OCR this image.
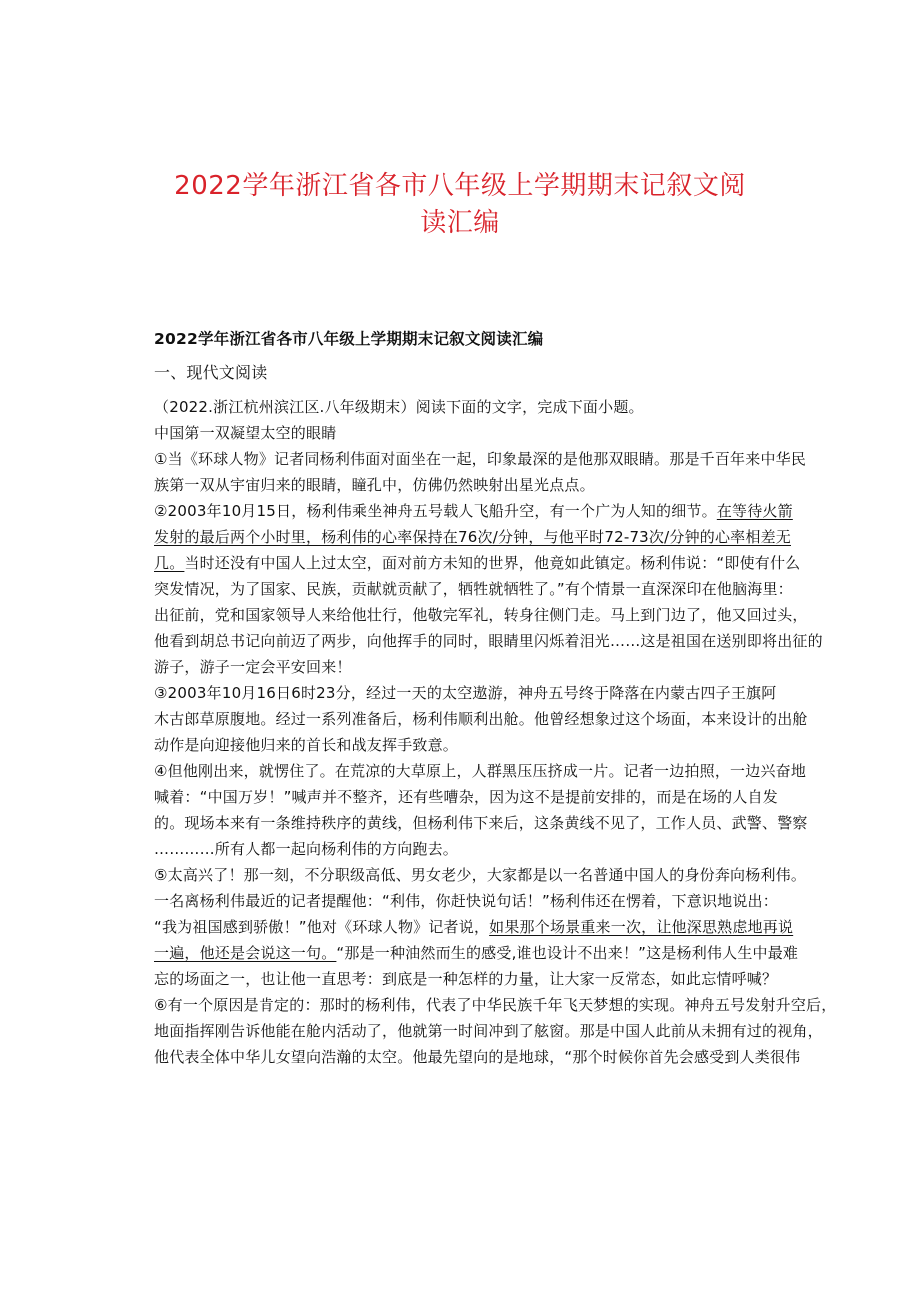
2022学年浙江省各市八年级上学期期末记叙文阅
读汇编

2022学年浙江省各市八年级上学期期末记叙文阅读汇编

一、现代文阅读

（2022.浙江杭州滨江区.八年级期末）阅读下面的文字，完成下面小题。

中国第一双凝望太空的眼睛

①当《环球人物》记者同杨利伟面对面坐在一起，印象最深的是他那双眼睛。那是千百年来中华民

族第一双从宇宙归来的眼睛，瞳孔中，仿佛仍然映射出星光点点。

②2003年10月15日，杨利伟乘坐神舟五号载人飞船升空，有一个广为人知的细节。在等待火箭

发射的最后两个小时里，杨利伟的心率保持在76次/分钟，与他平时72-73次/分钟的心率相差无

几。当时还没有中国人上过太空，面对前方未知的世界，他竟如此镇定。杨利伟说：“即使有什么

突发情况，为了国家、民族，贡献就贡献了，牺牲就牺牲了。”有个情景一直深深印在他脑海里：

出征前，党和国家领导人来给他壮行，他敬完军礼，转身往侧门走。马上到门边了，他又回过头，

他看到胡总书记向前迈了两步，向他挥手的同时，眼睛里闪烁着泪光……这是祖国在送别即将出征的

游子，游子一定会平安回来！

③2003年10月16日6时23分，经过一天的太空遨游，神舟五号终于降落在内蒙古四子王旗阿

木古郎草原腹地。经过一系列准备后，杨利伟顺利出舱。他曾经想象过这个场面，本来设计的出舱

动作是向迎接他归来的首长和战友挥手致意。

④但他刚出来，就愣住了。在荒凉的大草原上，人群黑压压挤成一片。记者一边拍照，一边兴奋地

喊着：“中国万岁！”喊声并不整齐，还有些嘈杂，因为这不是提前安排的，而是在场的人自发

的。现场本来有一条维持秩序的黄线，但杨利伟下来后，这条黄线不见了，工作人员、武警、警察

…………所有人都一起向杨利伟的方向跑去。

⑤太高兴了！那一刻，不分职级高低、男女老少，大家都是以一名普通中国人的身份奔向杨利伟。

一名离杨利伟最近的记者提醒他：“利伟，你赶快说句话！”杨利伟还在愣着，下意识地说出：

“我为祖国感到骄傲！”他对《环球人物》记者说，如果那个场景重来一次，让他深思熟虑地再说

一遍，他还是会说这一句。“那是一种油然而生的感受,谁也设计不出来！”这是杨利伟人生中最难

忘的场面之一，也让他一直思考：到底是一种怎样的力量，让大家一反常态，如此忘情呼喊？

⑥有一个原因是肯定的：那时的杨利伟，代表了中华民族千年飞天梦想的实现。神舟五号发射升空后，

地面指挥刚告诉他能在舱内活动了，他就第一时间冲到了舷窗。那是中国人此前从未拥有过的视角，

他代表全体中华儿女望向浩瀚的太空。他最先望向的是地球，“那个时候你首先会感受到人类很伟
